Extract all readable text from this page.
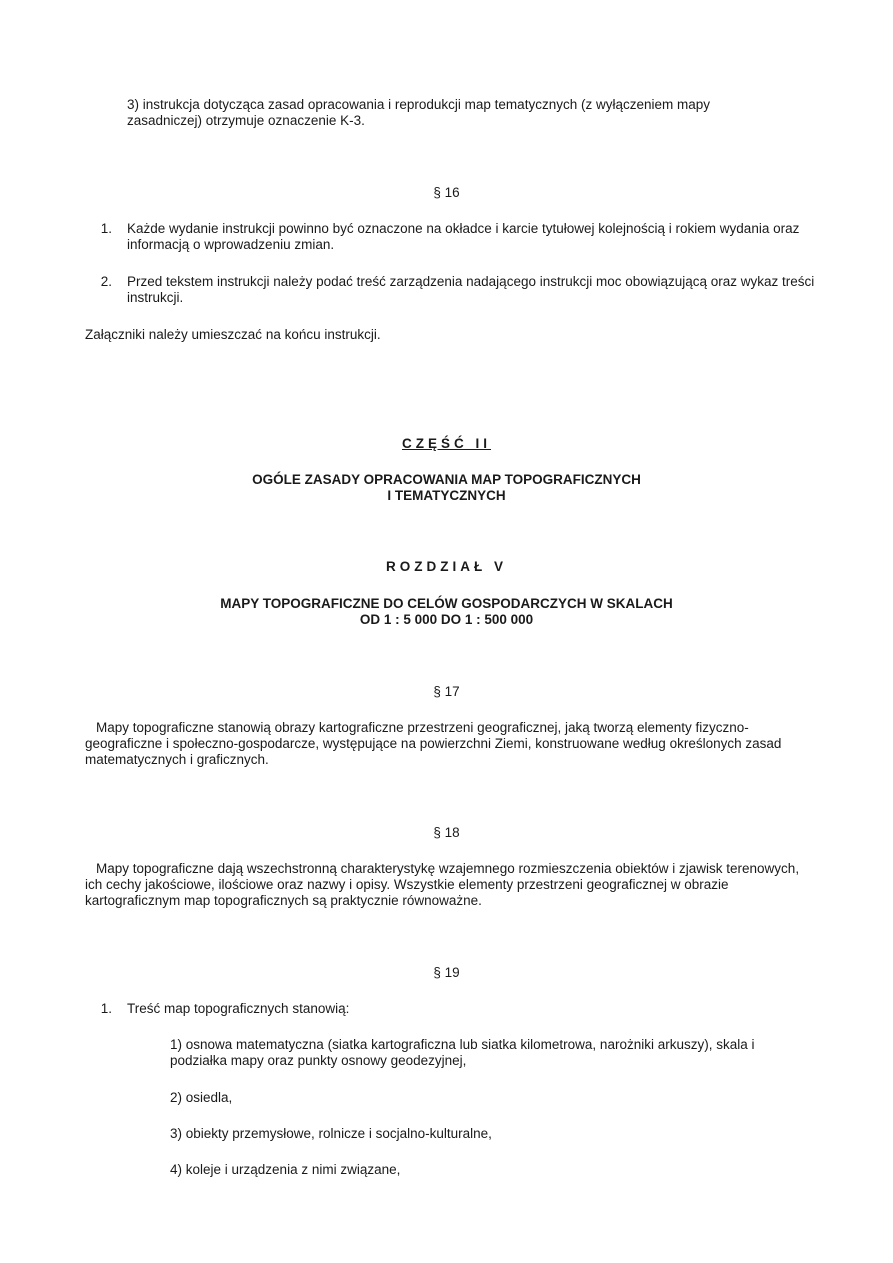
3) instrukcja dotycząca zasad opracowania i reprodukcji map tematycznych (z wyłączeniem mapy zasadniczej) otrzymuje oznaczenie K-3.

§ 16
1. Każde wydanie instrukcji powinno być oznaczone na okładce i karcie tytułowej kolejnością i rokiem wydania oraz informacją o wprowadzeniu zmian.

2. Przed tekstem instrukcji należy podać treść zarządzenia nadającego instrukcji moc obowiązującą oraz wykaz treści instrukcji.

Załączniki należy umieszczać na końcu instrukcji.

CZĘŚĆ II
OGÓLE ZASADY OPRACOWANIA MAP TOPOGRAFICZNYCH
I TEMATYCZNYCH
ROZDZIAŁ V
MAPY TOPOGRAFICZNE DO CELÓW GOSPODARCZYCH W SKALACH
OD 1 : 5 000 DO 1 : 500 000
§ 17

Mapy topograficzne stanowią obrazy kartograficzne przestrzeni geograficznej, jaką tworzą elementy fizyczno-geograficzne i społeczno-gospodarcze, występujące na powierzchni Ziemi, konstruowane według określonych zasad matematycznych i graficznych.

§ 18

Mapy topograficzne dają wszechstronną charakterystykę wzajemnego rozmieszczenia obiektów i zjawisk terenowych, ich cechy jakościowe, ilościowe oraz nazwy i opisy. Wszystkie elementy przestrzeni geograficznej w obrazie kartograficznym map topograficznych są praktycznie równoważne.

§ 19
1. Treść map topograficznych stanowią:

1) osnowa matematyczna (siatka kartograficzna lub siatka kilometrowa, narożniki arkuszy), skala i podziałka mapy oraz punkty osnowy geodezyjnej,

2) osiedla,

3) obiekty przemysłowe, rolnicze i socjalno-kulturalne,

4) koleje i urządzenia z nimi związane,
